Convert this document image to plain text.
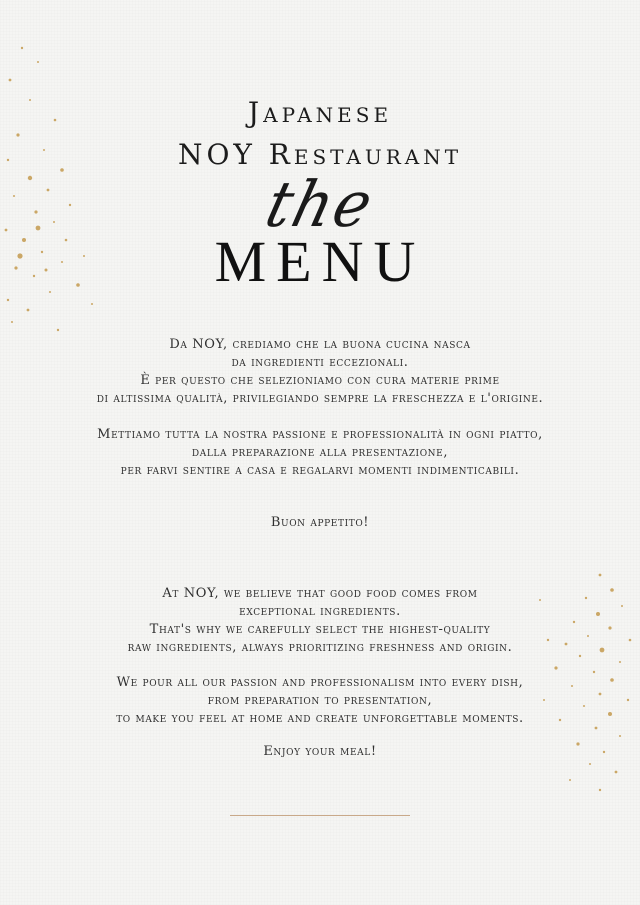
Japanese
NOY Restaurant
the
MENU
Da NOY, crediamo che la buona cucina nasca
da ingredienti eccezionali.
È per questo che selezioniamo con cura materie prime
di altissima qualità, privilegiando sempre la freschezza e l'origine.
Mettiamo tutta la nostra passione e professionalità in ogni piatto,
dalla preparazione alla presentazione,
per farvi sentire a casa e regalarvi momenti indimenticabili.
Buon appetito!
At NOY, we believe that good food comes from
exceptional ingredients.
That's why we carefully select the highest-quality
raw ingredients, always prioritizing freshness and origin.
We pour all our passion and professionalism into every dish,
from preparation to presentation,
to make you feel at home and create unforgettable moments.
Enjoy your meal!
